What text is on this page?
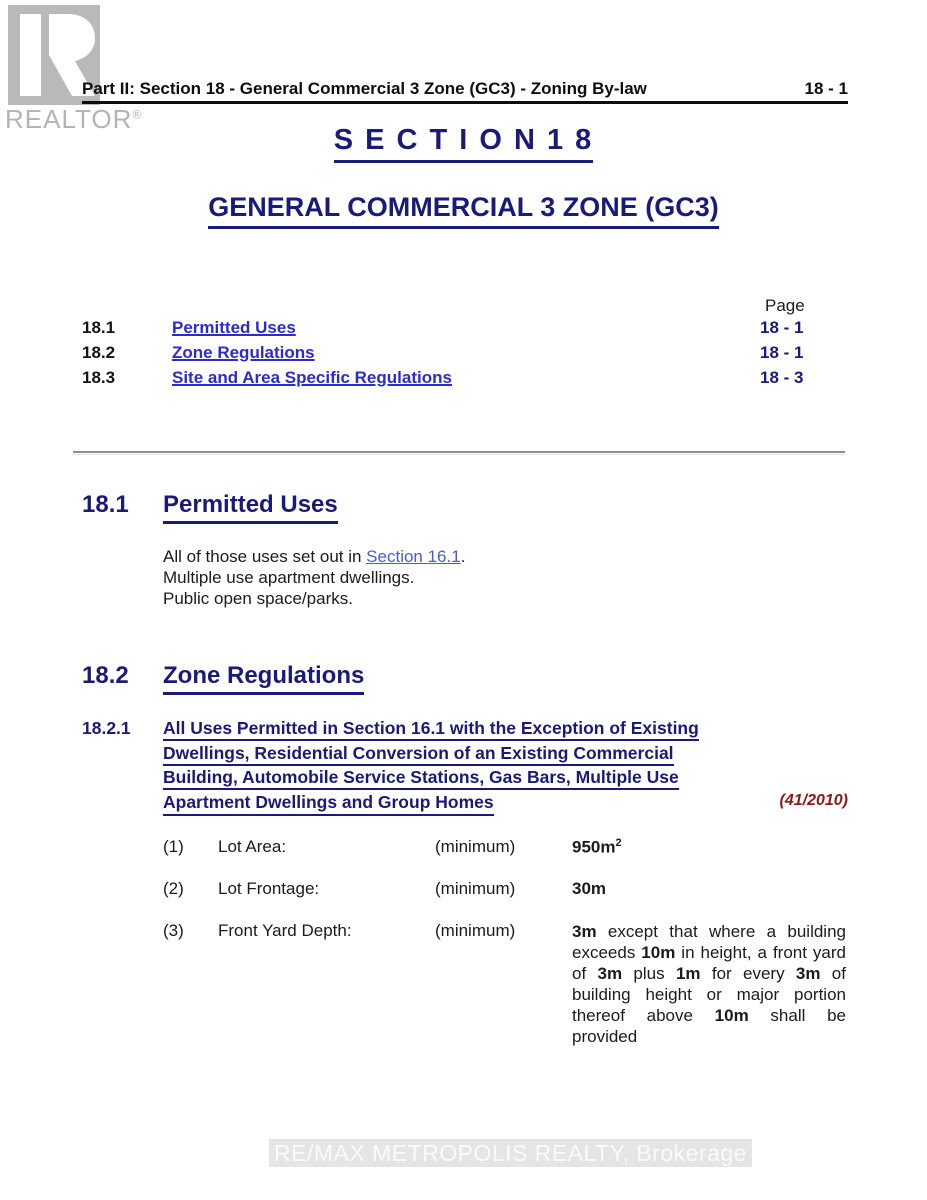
REALTOR®
Part II: Section 18 - General Commercial 3 Zone (GC3) - Zoning By-law	18 - 1
S E C T I O N 1 8
GENERAL COMMERCIAL 3 ZONE (GC3)
Page
18.1	Permitted Uses	18 - 1
18.2	Zone Regulations	18 - 1
18.3	Site and Area Specific Regulations	18 - 3
18.1 Permitted Uses
All of those uses set out in Section 16.1.
Multiple use apartment dwellings.
Public open space/parks.
18.2 Zone Regulations
18.2.1 All Uses Permitted in Section 16.1 with the Exception of Existing
Dwellings, Residential Conversion of an Existing Commercial
Building, Automobile Service Stations, Gas Bars, Multiple Use
Apartment Dwellings and Group Homes	(41/2010)
(1) Lot Area:	(minimum)	$950m^2$
(2) Lot Frontage:	(minimum)	30m
(3) Front Yard Depth:	(minimum)	3m except that where a building exceeds 10m in height, a front yard of 3m plus 1m for every 3m of building height or major portion thereof above 10m shall be provided
RE/MAX METROPOLIS REALTY, Brokerage
